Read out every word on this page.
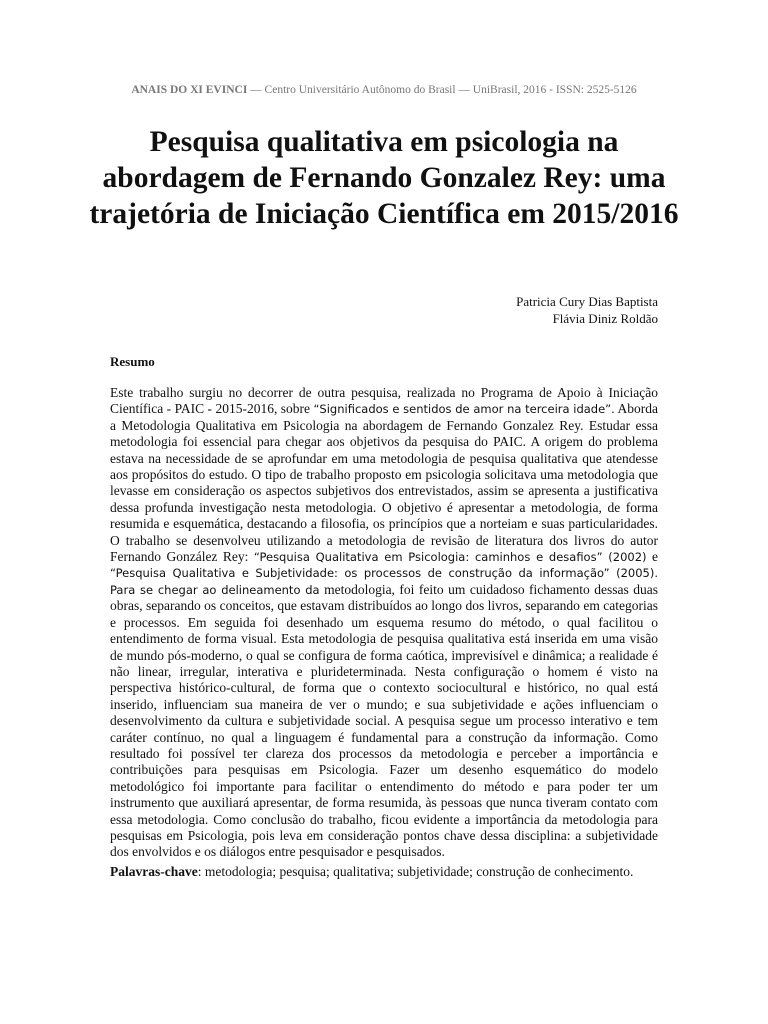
ANAIS DO XI EVINCI — Centro Universitário Autônomo do Brasil — UniBrasil, 2016 - ISSN: 2525-5126
Pesquisa qualitativa em psicologia na abordagem de Fernando Gonzalez Rey: uma trajetória de Iniciação Científica em 2015/2016
Patricia Cury Dias Baptista
Flávia Diniz Roldão
Resumo

Este trabalho surgiu no decorrer de outra pesquisa, realizada no Programa de Apoio à Iniciação Científica - PAIC - 2015-2016, sobre “Significados e sentidos de amor na terceira idade”. Aborda a Metodologia Qualitativa em Psicologia na abordagem de Fernando Gonzalez Rey. Estudar essa metodologia foi essencial para chegar aos objetivos da pesquisa do PAIC. A origem do problema estava na necessidade de se aprofundar em uma metodologia de pesquisa qualitativa que atendesse aos propósitos do estudo. O tipo de trabalho proposto em psicologia solicitava uma metodologia que levasse em consideração os aspectos subjetivos dos entrevistados, assim se apresenta a justificativa dessa profunda investigação nesta metodologia. O objetivo é apresentar a metodologia, de forma resumida e esquemática, destacando a filosofia, os princípios que a norteiam e suas particularidades. O trabalho se desenvolveu utilizando a metodologia de revisão de literatura dos livros do autor Fernando González Rey: “Pesquisa Qualitativa em Psicologia: caminhos e desafios” (2002) e “Pesquisa Qualitativa e Subjetividade: os processos de construção da informação” (2005). Para se chegar ao delineamento da metodologia, foi feito um cuidadoso fichamento dessas duas obras, separando os conceitos, que estavam distribuídos ao longo dos livros, separando em categorias e processos. Em seguida foi desenhado um esquema resumo do método, o qual facilitou o entendimento de forma visual. Esta metodologia de pesquisa qualitativa está inserida em uma visão de mundo pós-moderno, o qual se configura de forma caótica, imprevisível e dinâmica; a realidade é não linear, irregular, interativa e plurideterminada. Nesta configuração o homem é visto na perspectiva histórico-cultural, de forma que o contexto sociocultural e histórico, no qual está inserido, influenciam sua maneira de ver o mundo; e sua subjetividade e ações influenciam o desenvolvimento da cultura e subjetividade social. A pesquisa segue um processo interativo e tem caráter contínuo, no qual a linguagem é fundamental para a construção da informação. Como resultado foi possível ter clareza dos processos da metodologia e perceber a importância e contribuições para pesquisas em Psicologia. Fazer um desenho esquemático do modelo metodológico foi importante para facilitar o entendimento do método e para poder ter um instrumento que auxiliará apresentar, de forma resumida, às pessoas que nunca tiveram contato com essa metodologia. Como conclusão do trabalho, ficou evidente a importância da metodologia para pesquisas em Psicologia, pois leva em consideração pontos chave dessa disciplina: a subjetividade dos envolvidos e os diálogos entre pesquisador e pesquisados.

Palavras-chave: metodologia; pesquisa; qualitativa; subjetividade; construção de conhecimento.
